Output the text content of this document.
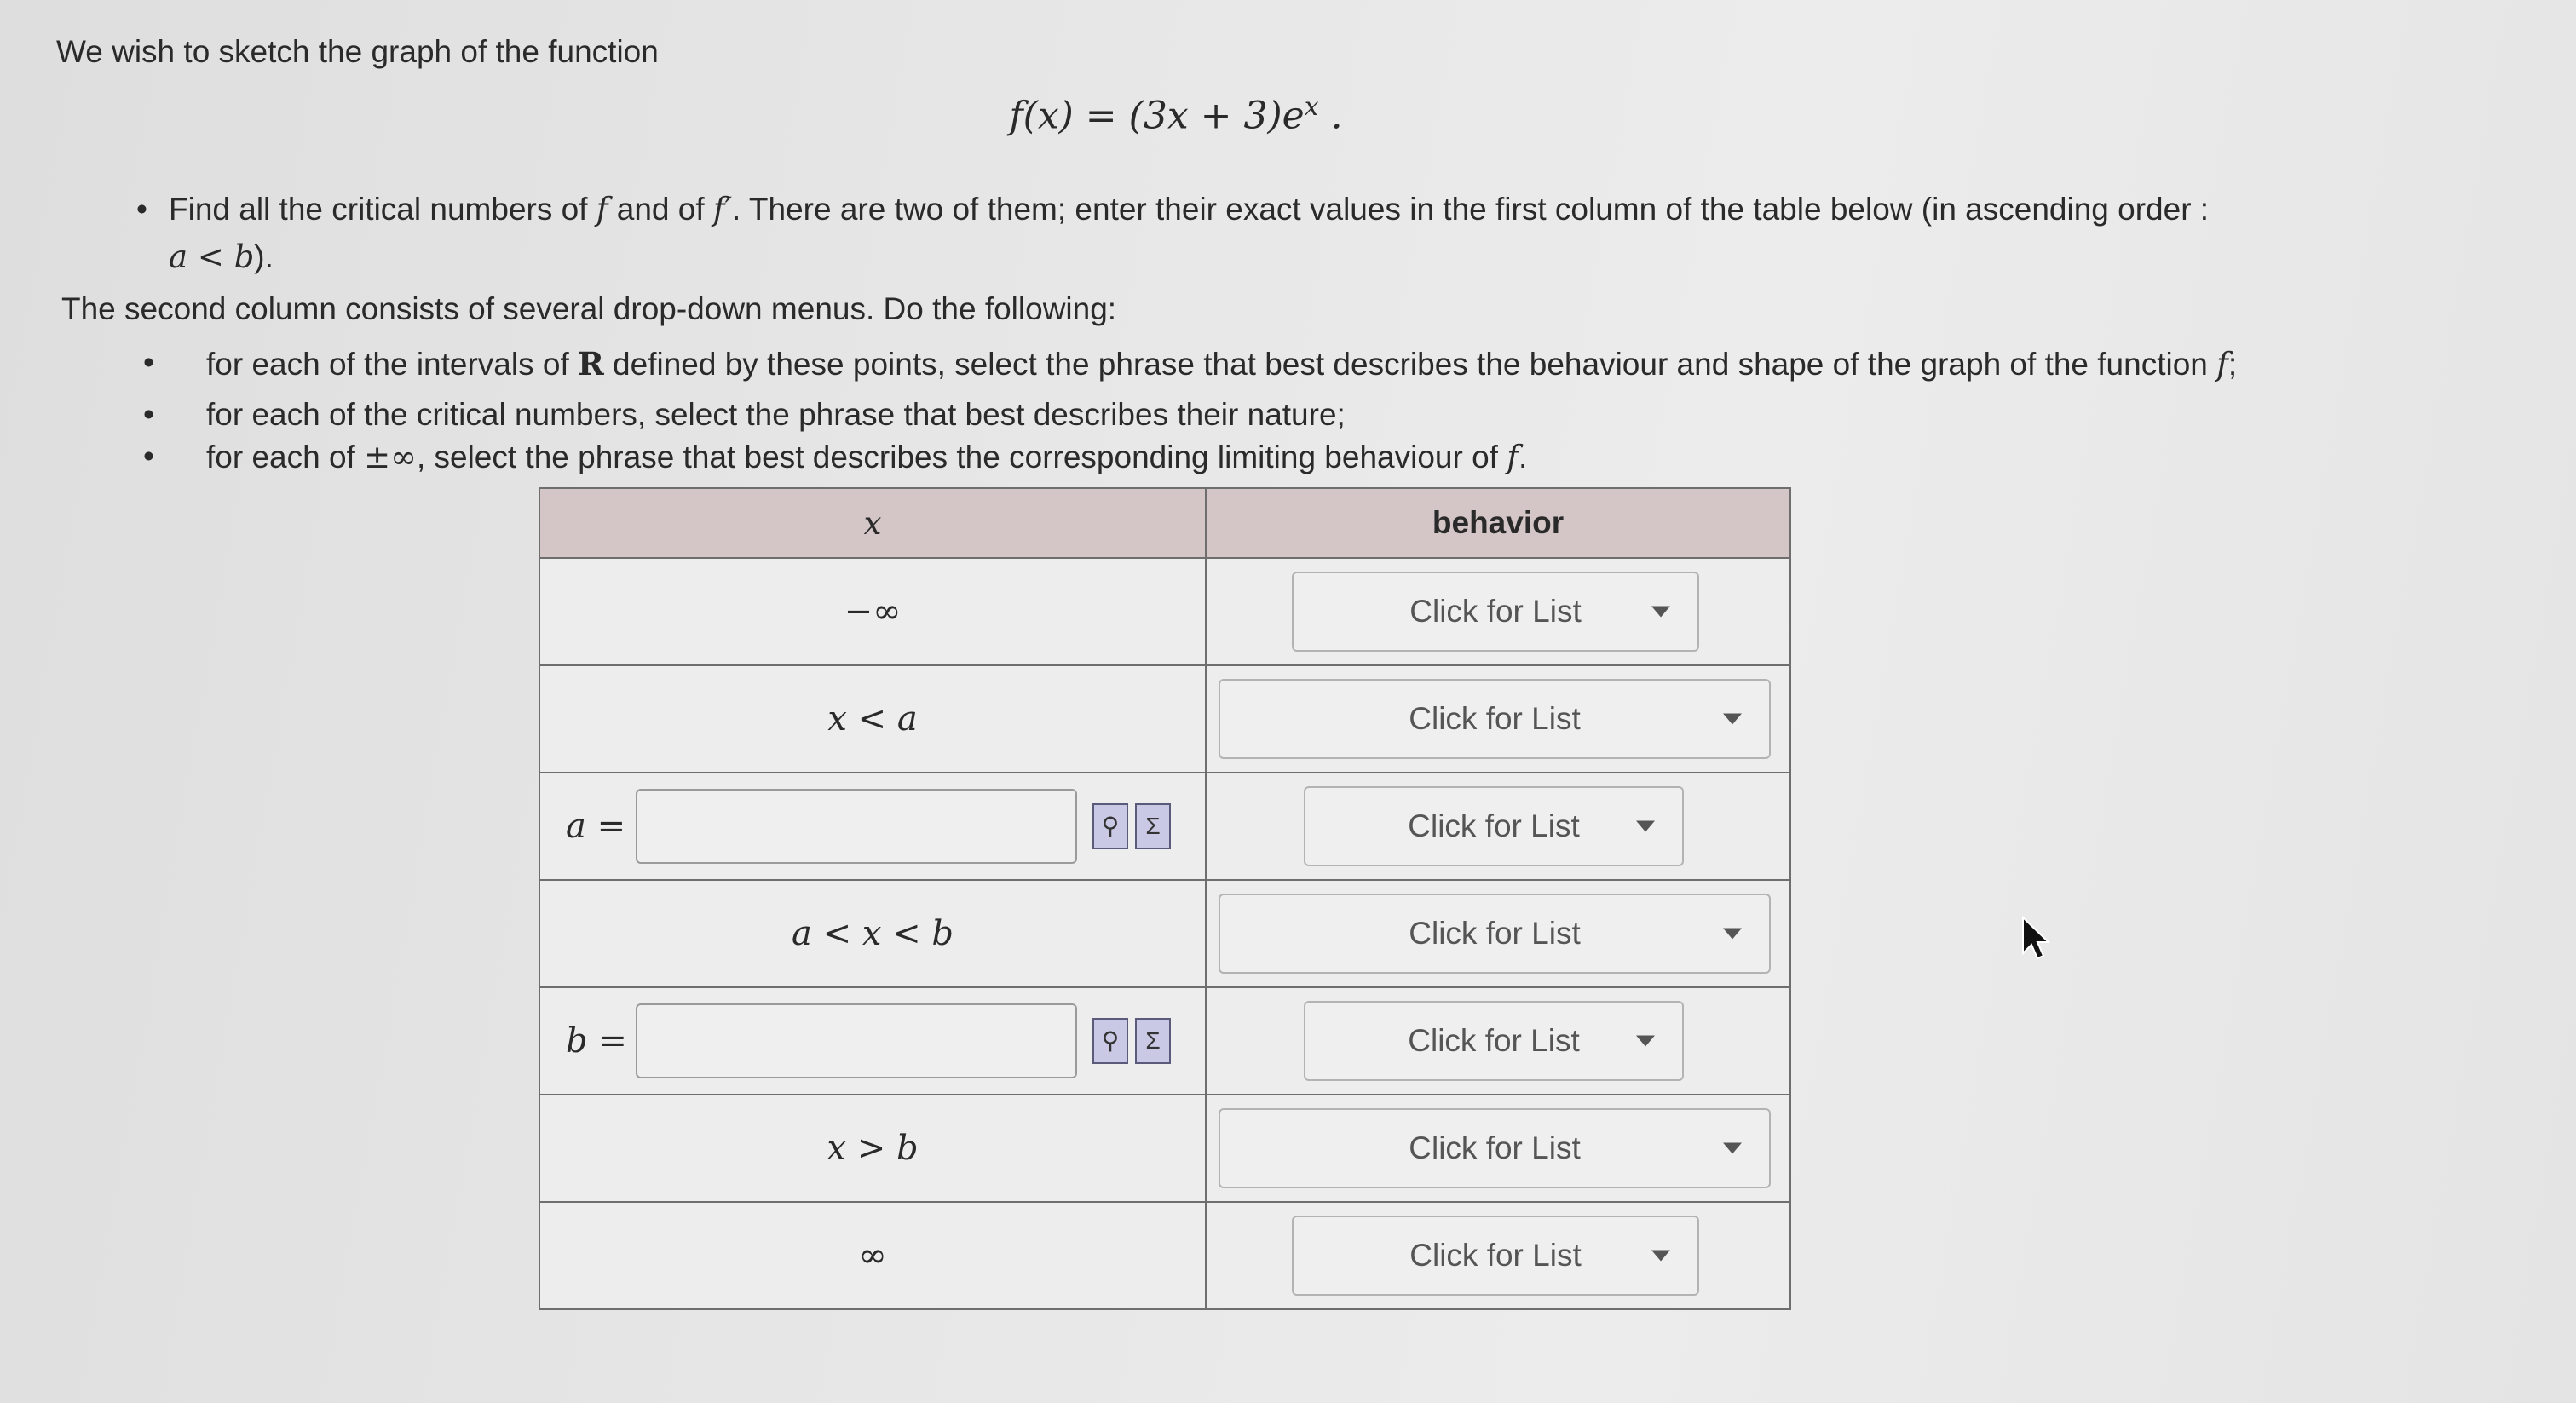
We wish to sketch the graph of the function
$f(x) = (3x + 3)e^x$ .
• Find all the critical numbers of f and of f′. There are two of them; enter their exact values in the first column of the table below (in ascending order :
a < b).
The second column consists of several drop-down menus. Do the following:
• for each of the intervals of R defined by these points, select the phrase that best describes the behaviour and shape of the graph of the function f;
• for each of the critical numbers, select the phrase that best describes their nature;
• for each of ±∞, select the phrase that best describes the corresponding limiting behaviour of f.
x	behavior
−∞	Click for List

x < a	Click for List

a = ⚲ Σ	Click for List

a < x < b	Click for List

b = ⚲ Σ	Click for List

x > b	Click for List

∞	Click for List
